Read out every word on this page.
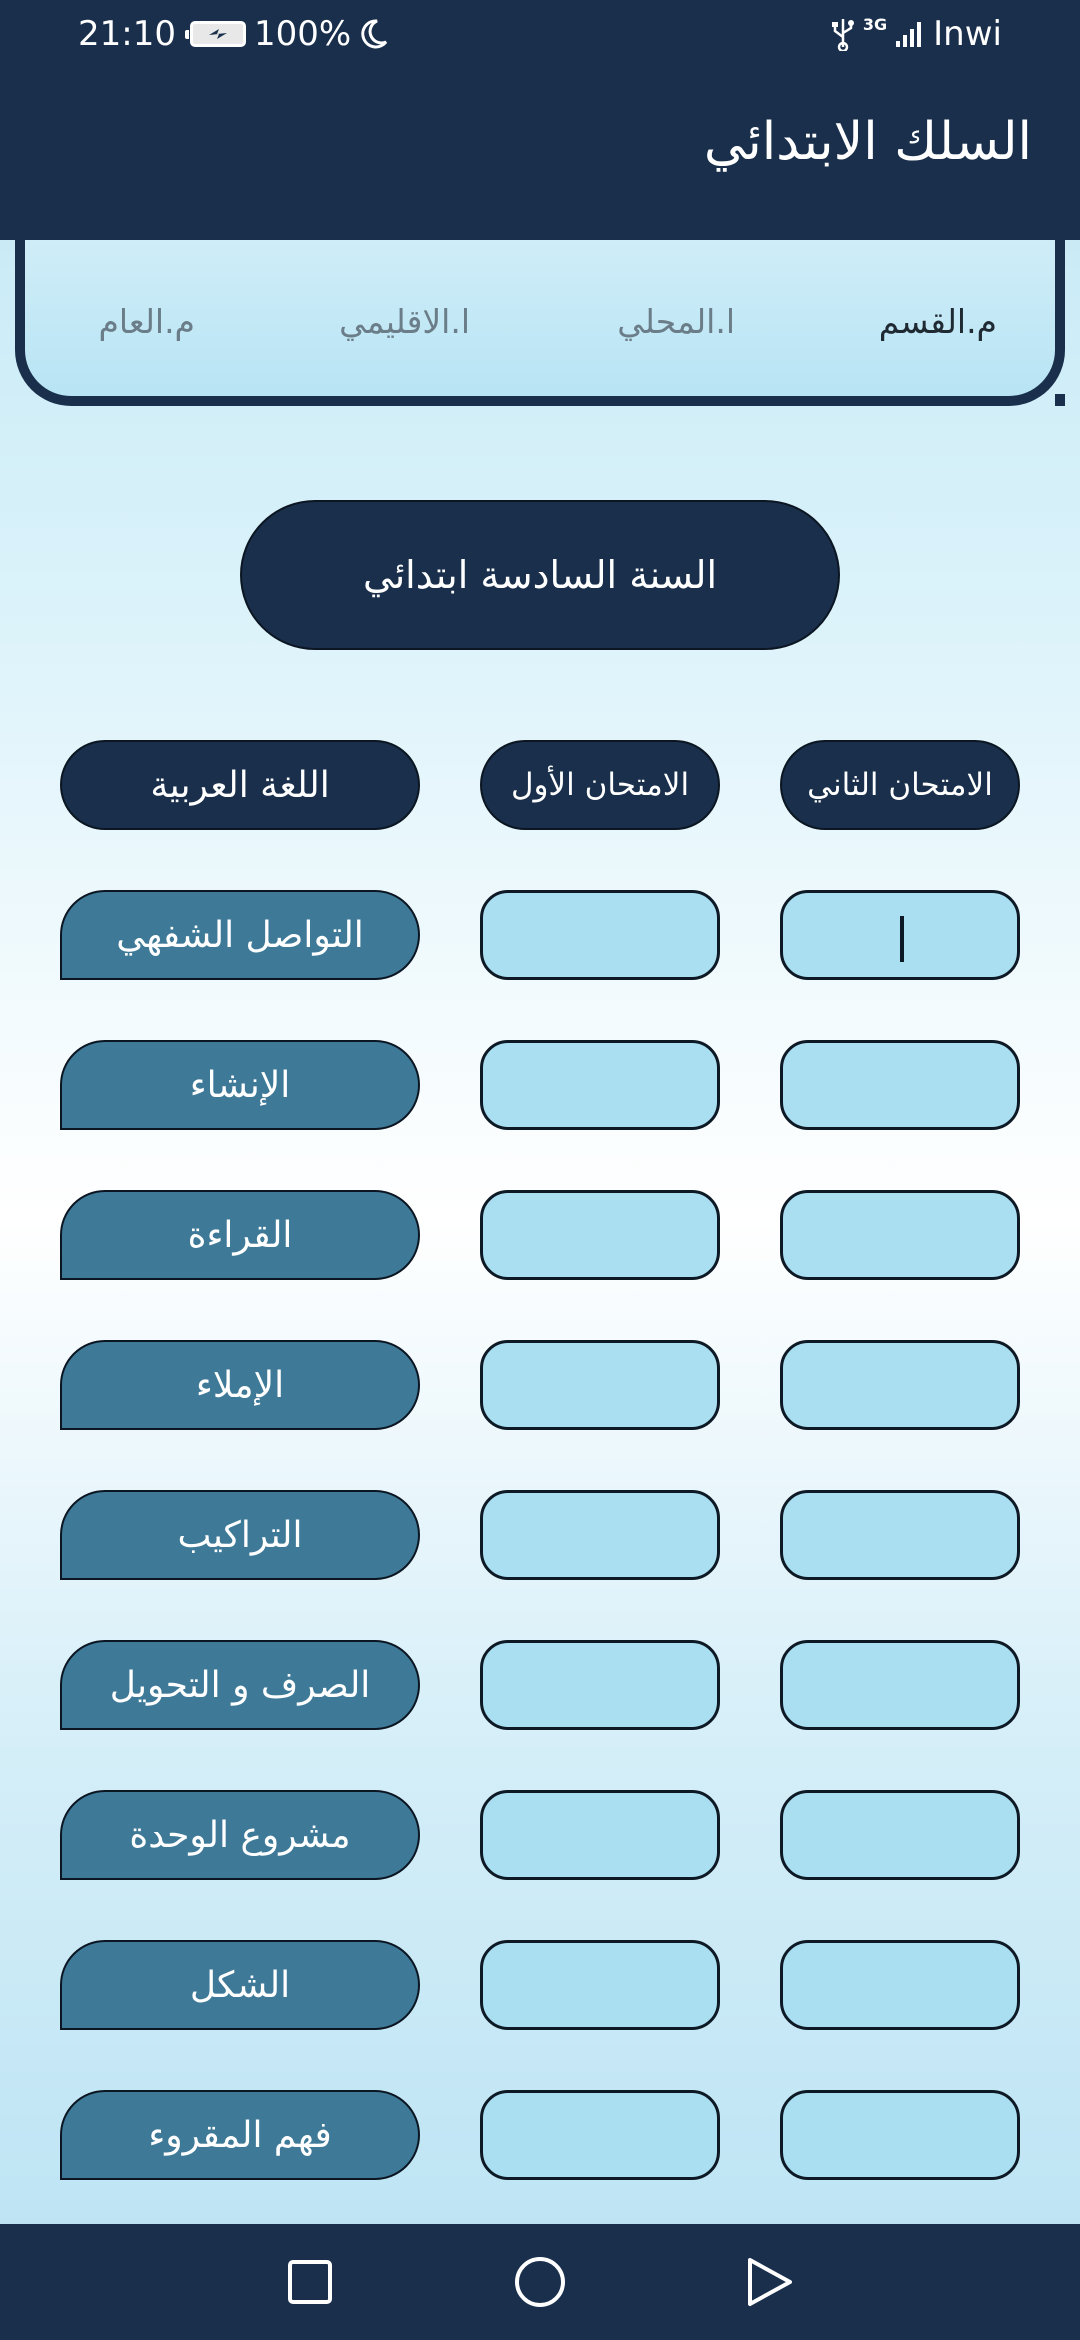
21:10 100%	3G Inwi
السلك الابتدائي
م.القسم
ا.المحلي
ا.الاقليمي
م.العام
السنة السادسة ابتدائي
اللغة العربية	الامتحان الأول	الامتحان الثاني
التواصل الشفهي
الإنشاء
القراءة
الإملاء
التراكيب
الصرف و التحويل
مشروع الوحدة
الشكل
فهم المقروء
